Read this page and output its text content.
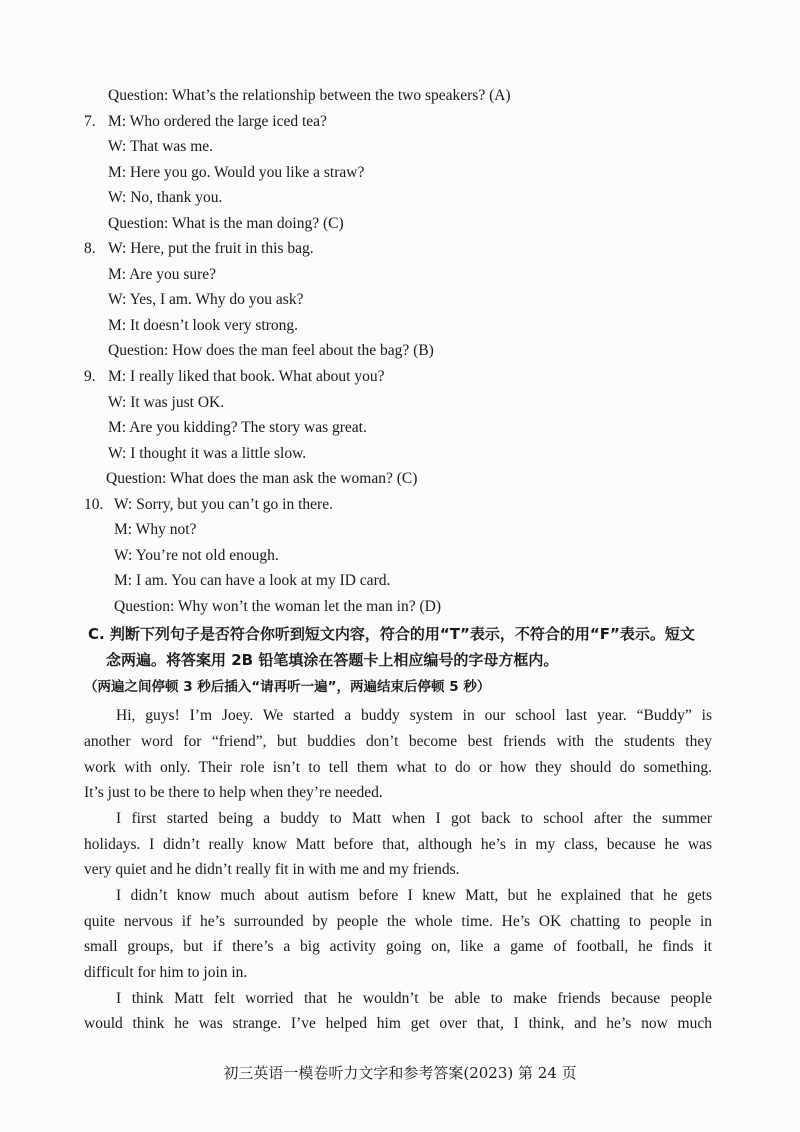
Question: What’s the relationship between the two speakers? (A)
7. M: Who ordered the large iced tea?
W: That was me.
M: Here you go. Would you like a straw?
W: No, thank you.
Question: What is the man doing? (C)
8. W: Here, put the fruit in this bag.
M: Are you sure?
W: Yes, I am. Why do you ask?
M: It doesn’t look very strong.
Question: How does the man feel about the bag? (B)
9. M: I really liked that book. What about you?
W: It was just OK.
M: Are you kidding? The story was great.
W: I thought it was a little slow.
Question: What does the man ask the woman? (C)
10. W: Sorry, but you can’t go in there.
M: Why not?
W: You’re not old enough.
M: I am. You can have a look at my ID card.
Question: Why won’t the woman let the man in? (D)
C. 判断下列句子是否符合你听到短文内容，符合的用“T”表示，不符合的用“F”表示。短文
念两遍。将答案用 2B 铅笔填涂在答题卡上相应编号的字母方框内。
（两遍之间停顿 3 秒后插入“请再听一遍”，两遍结束后停顿 5 秒）
Hi, guys! I’m Joey. We started a buddy system in our school last year. “Buddy” is
another word for “friend”, but buddies don’t become best friends with the students they
work with only. Their role isn’t to tell them what to do or how they should do something.
It’s just to be there to help when they’re needed.
I first started being a buddy to Matt when I got back to school after the summer
holidays. I didn’t really know Matt before that, although he’s in my class, because he was
very quiet and he didn’t really fit in with me and my friends.
I didn’t know much about autism before I knew Matt, but he explained that he gets
quite nervous if he’s surrounded by people the whole time. He’s OK chatting to people in
small groups, but if there’s a big activity going on, like a game of football, he finds it
difficult for him to join in.
I think Matt felt worried that he wouldn’t be able to make friends because people
would think he was strange. I’ve helped him get over that, I think, and he’s now much
初三英语一模卷听力文字和参考答案(2023) 第 24 页
